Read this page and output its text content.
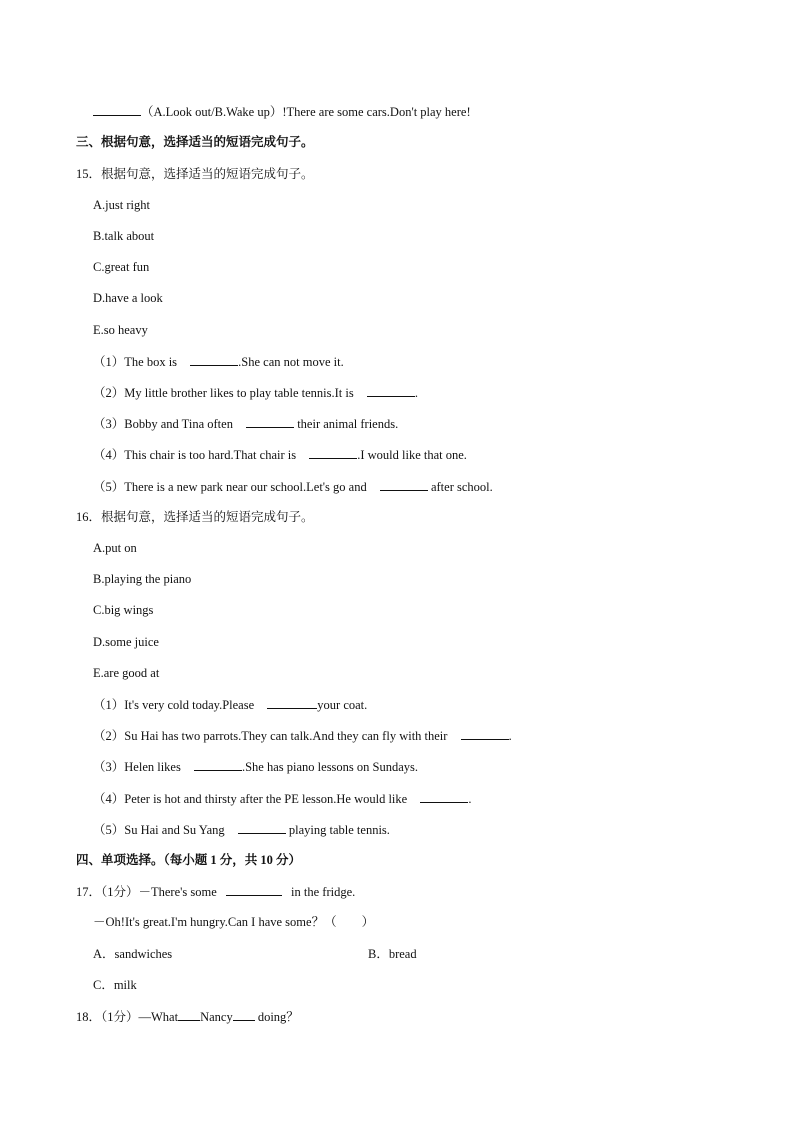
（A.Look out/B.Wake up）!There are some cars.Don't play here!
三、根据句意，选择适当的短语完成句子。
15．根据句意，选择适当的短语完成句子。
A.just right
B.talk about
C.great fun
D.have a look
E.so heavy
（1）The box is	.She can not move it.
（2）My little brother likes to play table tennis.It is	.
（3）Bobby and Tina often	their animal friends.
（4）This chair is too hard.That chair is	.I would like that one.
（5）There is a new park near our school.Let's go and	after school.
16．根据句意，选择适当的短语完成句子。
A.put on
B.playing the piano
C.big wings
D.some juice
E.are good at
（1）It's very cold today.Please	your coat.
（2）Su Hai has two parrots.They can talk.And they can fly with their	.
（3）Helen likes	.She has piano lessons on Sundays.
（4）Peter is hot and thirsty after the PE lesson.He would like	.
（5）Su Hai and Su Yang	playing table tennis.
四、单项选择。（每小题 1 分，共 10 分）
17．（1分）－There's some	in the fridge.
－Oh!It's great.I'm hungry.Can I have some？（　　）
A．sandwiches	B．bread
C．milk
18．（1分）—What Nancy doing？
